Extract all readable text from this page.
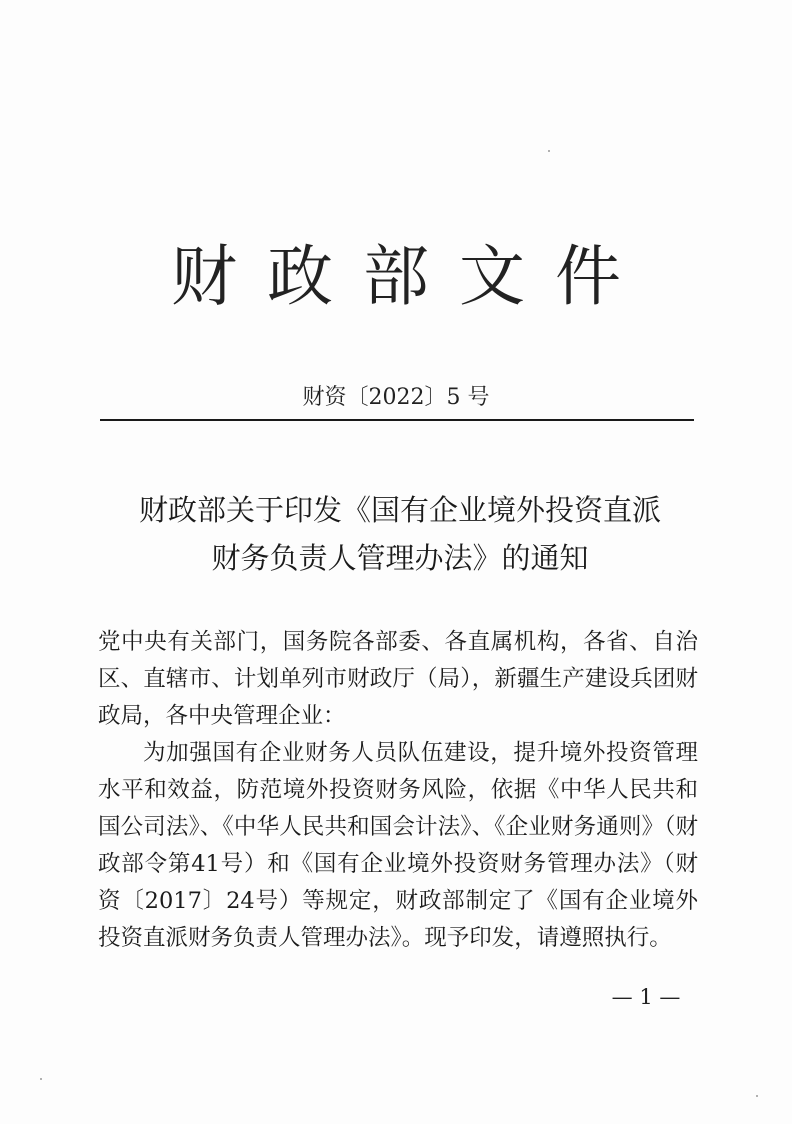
财政部文件
财资〔2022〕5 号
财政部关于印发《国有企业境外投资直派
财务负责人管理办法》的通知

党中央有关部门，国务院各部委、各直属机构，各省、自治区、直辖市、计划单列市财政厅（局），新疆生产建设兵团财政局，各中央管理企业：

为加强国有企业财务人员队伍建设，提升境外投资管理水平和效益，防范境外投资财务风险，依据《中华人民共和国公司法》、《中华人民共和国会计法》、《企业财务通则》（财政部令第41号）和《国有企业境外投资财务管理办法》（财资〔2017〕24号）等规定，财政部制定了《国有企业境外投资直派财务负责人管理办法》。现予印发，请遵照执行。

— 1 —
